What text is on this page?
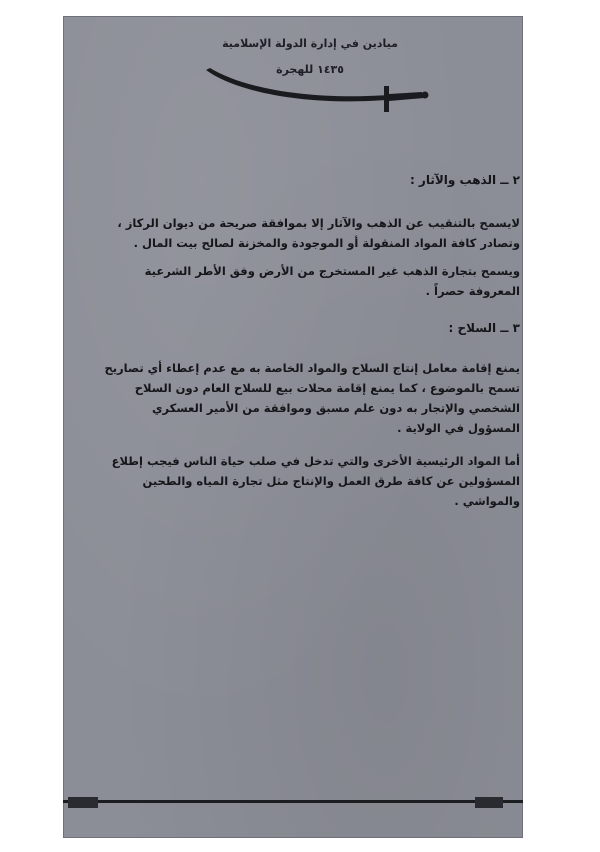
ميادين في إدارة الدولة الإسلامية
١٤٣٥ للهجرة
٢ ــ الذهب والآثار :

لايسمح بالتنقيب عن الذهب والآثار إلا بموافقة صريحة من ديوان الركاز ، وتصادر كافة المواد المنقولة أو الموجودة والمخزنة لصالح بيت المال .

ويسمح بتجارة الذهب غير المستخرج من الأرض وفق الأطر الشرعية المعروفة حصراً .

٣ ــ السلاح :

يمنع إقامة معامل إنتاج السلاح والمواد الخاصة به مع عدم إعطاء أي تصاريح تسمح بالموضوع ، كما يمنع إقامة محلات بيع للسلاح العام دون السلاح الشخصي والإتجار به دون علم مسبق وموافقة من الأمير العسكري المسؤول في الولاية .

أما المواد الرئيسية الأخرى والتي تدخل في صلب حياة الناس فيجب إطلاع المسؤولين عن كافة طرق العمل والإنتاج مثل تجارة المياه والطحين والمواشي .
